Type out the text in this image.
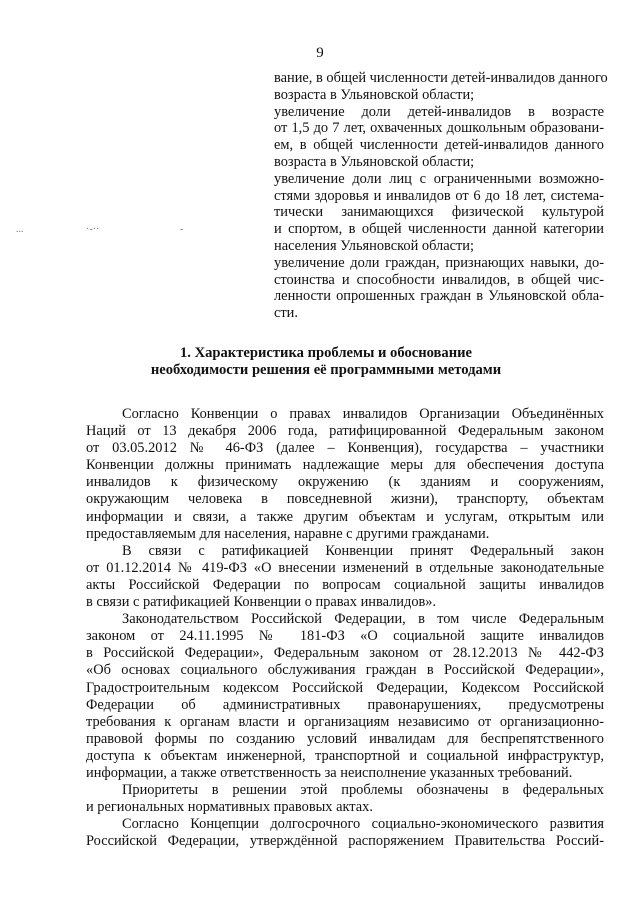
9
...	·-··	-
вание, в общей численности детей-инвалидов данного
возраста в Ульяновской области;
увеличение доли детей-инвалидов в возрасте
от 1,5 до 7 лет, охваченных дошкольным образовани-
ем, в общей численности детей-инвалидов данного
возраста в Ульяновской области;
увеличение доли лиц с ограниченными возможно-
стями здоровья и инвалидов от 6 до 18 лет, система-
тически занимающихся физической культурой
и спортом, в общей численности данной категории
населения Ульяновской области;
увеличение доли граждан, признающих навыки, до-
стоинства и способности инвалидов, в общей чис-
ленности опрошенных граждан в Ульяновской обла-
сти.
1. Характеристика проблемы и обоснование
необходимости решения её программными методами
Согласно Конвенции о правах инвалидов Организации Объединённых
Наций от 13 декабря 2006 года, ратифицированной Федеральным законом
от 03.05.2012 № 46-ФЗ (далее – Конвенция), государства – участники
Конвенции должны принимать надлежащие меры для обеспечения доступа
инвалидов к физическому окружению (к зданиям и сооружениям,
окружающим человека в повседневной жизни), транспорту, объектам
информации и связи, а также другим объектам и услугам, открытым или
предоставляемым для населения, наравне с другими гражданами.
В связи с ратификацией Конвенции принят Федеральный закон
от 01.12.2014 № 419-ФЗ «О внесении изменений в отдельные законодательные
акты Российской Федерации по вопросам социальной защиты инвалидов
в связи с ратификацией Конвенции о правах инвалидов».
Законодательством Российской Федерации, в том числе Федеральным
законом от 24.11.1995 № 181-ФЗ «О социальной защите инвалидов
в Российской Федерации», Федеральным законом от 28.12.2013 № 442-ФЗ
«Об основах социального обслуживания граждан в Российской Федерации»,
Градостроительным кодексом Российской Федерации, Кодексом Российской
Федерации об административных правонарушениях, предусмотрены
требования к органам власти и организациям независимо от организационно-
правовой формы по созданию условий инвалидам для беспрепятственного
доступа к объектам инженерной, транспортной и социальной инфраструктур,
информации, а также ответственность за неисполнение указанных требований.
Приоритеты в решении этой проблемы обозначены в федеральных
и региональных нормативных правовых актах.
Согласно Концепции долгосрочного социально-экономического развития
Российской Федерации, утверждённой распоряжением Правительства Россий-
